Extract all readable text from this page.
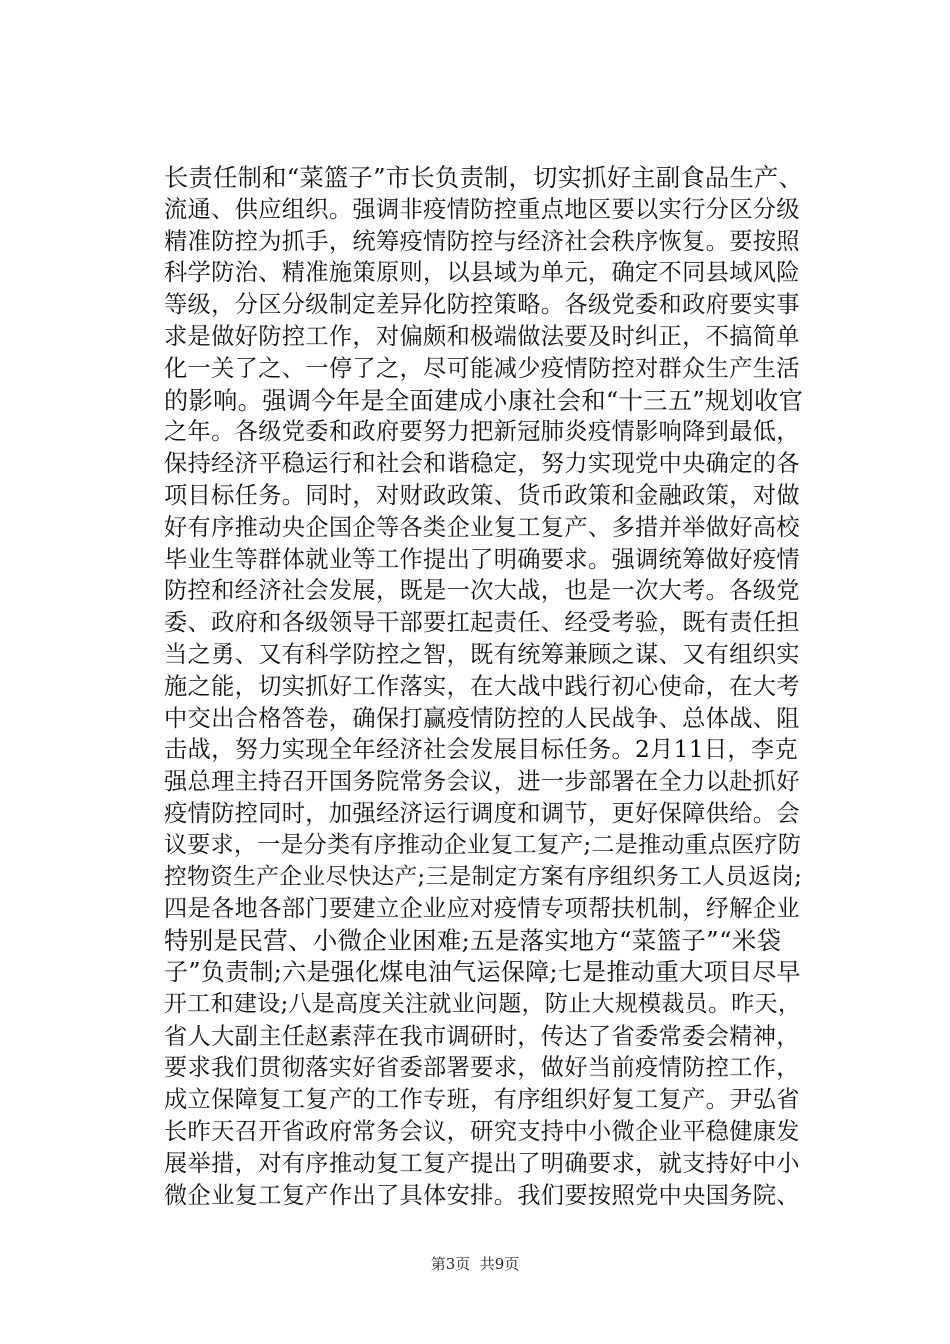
长责任制和“菜篮子”市长负责制，切实抓好主副食品生产、
流通、供应组织。强调非疫情防控重点地区要以实行分区分级
精准防控为抓手，统筹疫情防控与经济社会秩序恢复。要按照
科学防治、精准施策原则，以县域为单元，确定不同县域风险
等级，分区分级制定差异化防控策略。各级党委和政府要实事
求是做好防控工作，对偏颇和极端做法要及时纠正，不搞简单
化一关了之、一停了之，尽可能减少疫情防控对群众生产生活
的影响。强调今年是全面建成小康社会和“十三五”规划收官
之年。各级党委和政府要努力把新冠肺炎疫情影响降到最低，
保持经济平稳运行和社会和谐稳定，努力实现党中央确定的各
项目标任务。同时，对财政政策、货币政策和金融政策，对做
好有序推动央企国企等各类企业复工复产、多措并举做好高校
毕业生等群体就业等工作提出了明确要求。强调统筹做好疫情
防控和经济社会发展，既是一次大战，也是一次大考。各级党
委、政府和各级领导干部要扛起责任、经受考验，既有责任担
当之勇、又有科学防控之智，既有统筹兼顾之谋、又有组织实
施之能，切实抓好工作落实，在大战中践行初心使命，在大考
中交出合格答卷，确保打赢疫情防控的人民战争、总体战、阻
击战，努力实现全年经济社会发展目标任务。2月11日，李克
强总理主持召开国务院常务会议，进一步部署在全力以赴抓好
疫情防控同时，加强经济运行调度和调节，更好保障供给。会
议要求，一是分类有序推动企业复工复产;二是推动重点医疗防
控物资生产企业尽快达产;三是制定方案有序组织务工人员返岗;
四是各地各部门要建立企业应对疫情专项帮扶机制，纾解企业
特别是民营、小微企业困难;五是落实地方“菜篮子”“米袋
子”负责制;六是强化煤电油气运保障;七是推动重大项目尽早
开工和建设;八是高度关注就业问题，防止大规模裁员。昨天，
省人大副主任赵素萍在我市调研时，传达了省委常委会精神，
要求我们贯彻落实好省委部署要求，做好当前疫情防控工作，
成立保障复工复产的工作专班，有序组织好复工复产。尹弘省
长昨天召开省政府常务会议，研究支持中小微企业平稳健康发
展举措，对有序推动复工复产提出了明确要求，就支持好中小
微企业复工复产作出了具体安排。我们要按照党中央国务院、
第3页  共9页
